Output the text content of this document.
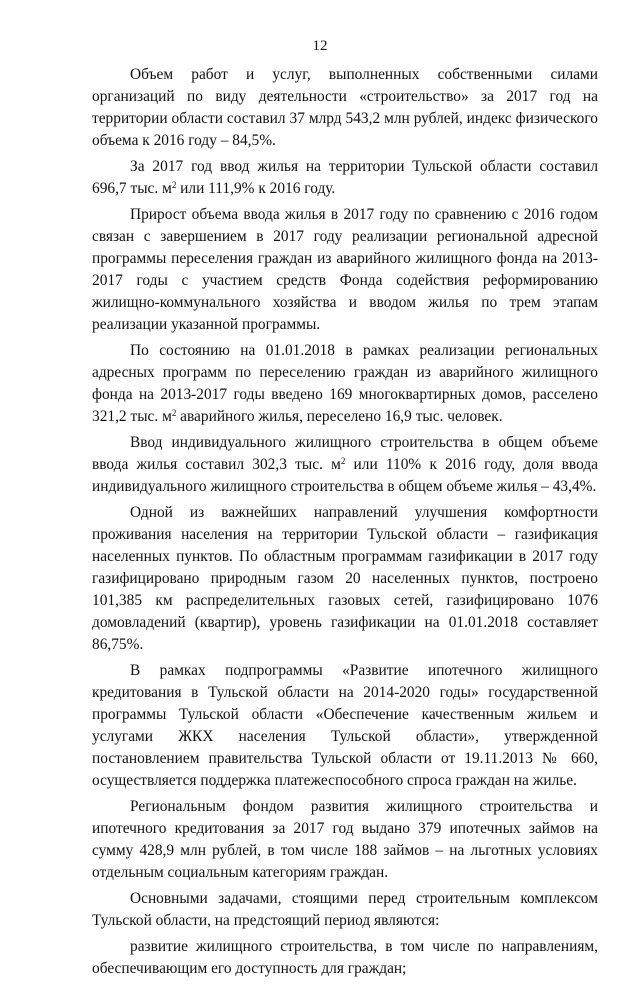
12

Объем работ и услуг, выполненных собственными силами организаций по виду деятельности «строительство» за 2017 год на территории области составил 37 млрд 543,2 млн рублей, индекс физического объема к 2016 году – 84,5%.

За 2017 год ввод жилья на территории Тульской области составил 696,7 тыс. $м^2$ или 111,9% к 2016 году.

Прирост объема ввода жилья в 2017 году по сравнению с 2016 годом связан с завершением в 2017 году реализации региональной адресной программы переселения граждан из аварийного жилищного фонда на 2013-2017 годы с участием средств Фонда содействия реформированию жилищно-коммунального хозяйства и вводом жилья по трем этапам реализации указанной программы.

По состоянию на 01.01.2018 в рамках реализации региональных адресных программ по переселению граждан из аварийного жилищного фонда на 2013-2017 годы введено 169 многоквартирных домов, расселено 321,2 тыс. $м^2$ аварийного жилья, переселено 16,9 тыс. человек.

Ввод индивидуального жилищного строительства в общем объеме ввода жилья составил 302,3 тыс. $м^2$ или 110% к 2016 году, доля ввода индивидуального жилищного строительства в общем объеме жилья – 43,4%.

Одной из важнейших направлений улучшения комфортности проживания населения на территории Тульской области – газификация населенных пунктов. По областным программам газификации в 2017 году газифицировано природным газом 20 населенных пунктов, построено 101,385 км распределительных газовых сетей, газифицировано 1076 домовладений (квартир), уровень газификации на 01.01.2018 составляет 86,75%.

В рамках подпрограммы «Развитие ипотечного жилищного кредитования в Тульской области на 2014-2020 годы» государственной программы Тульской области «Обеспечение качественным жильем и услугами ЖКХ населения Тульской области», утвержденной постановлением правительства Тульской области от 19.11.2013 № 660, осуществляется поддержка платежеспособного спроса граждан на жилье.

Региональным фондом развития жилищного строительства и ипотечного кредитования за 2017 год выдано 379 ипотечных займов на сумму 428,9 млн рублей, в том числе 188 займов – на льготных условиях отдельным социальным категориям граждан.

Основными задачами, стоящими перед строительным комплексом Тульской области, на предстоящий период являются:

развитие жилищного строительства, в том числе по направлениям, обеспечивающим его доступность для граждан;
